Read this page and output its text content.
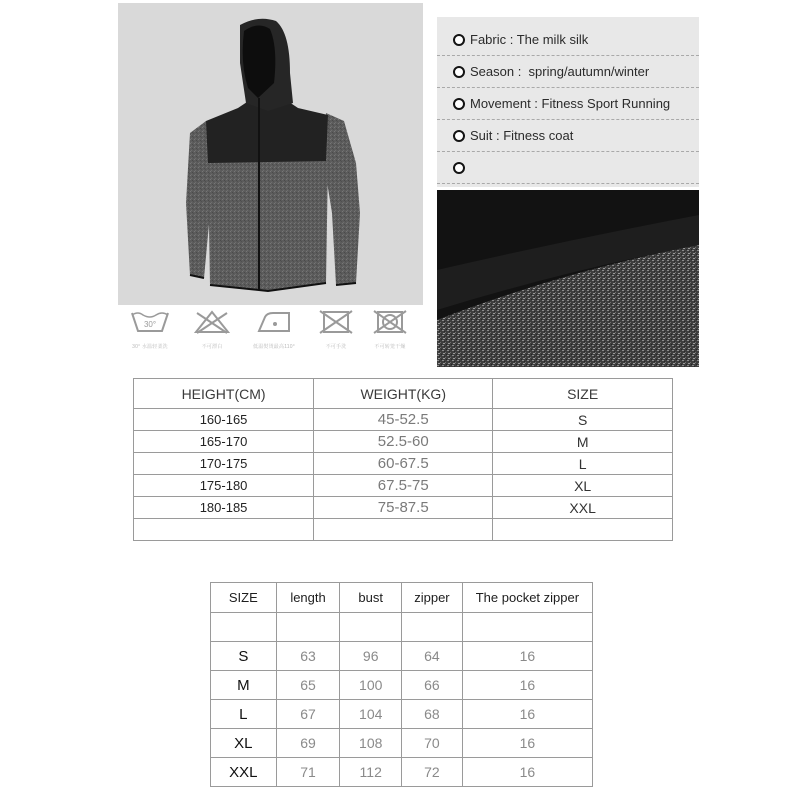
30°
30° 水温轻柔洗	不可漂白	低温熨烫最高110°	不可手洗	不可转笼干燥
Fabric : The milk silk
Season :  spring/autumn/winter
Movement : Fitness Sport Running
Suit : Fitness coat
HEIGHT(CM)	WEIGHT(KG)	SIZE
160-165	45-52.5	S
165-170	52.5-60	M
170-175	60-67.5	L
175-180	67.5-75	XL
180-185	75-87.5	XXL

SIZE	length	bust	zipper	The pocket zipper

S	63	96	64	16
M	65	100	66	16
L	67	104	68	16
XL	69	108	70	16
XXL	71	112	72	16
